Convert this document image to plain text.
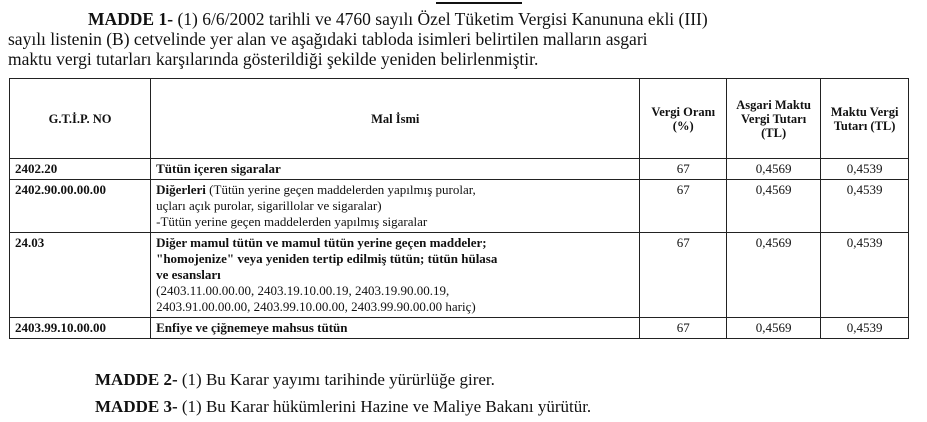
MADDE 1- (1) 6/6/2002 tarihli ve 4760 sayılı Özel Tüketim Vergisi Kanununa ekli (III)
sayılı listenin (B) cetvelinde yer alan ve aşağıdaki tabloda isimleri belirtilen malların asgari
maktu vergi tutarları karşılarında gösterildiği şekilde yeniden belirlenmiştir.
G.T.İ.P. NO	Mal İsmi	Vergi Oranı (%)	Asgari Maktu Vergi Tutarı (TL)	Maktu Vergi Tutarı (TL)
2402.20	Tütün içeren sigaralar	67	0,4569	0,4539
2402.90.00.00.00	Diğerleri (Tütün yerine geçen maddelerden yapılmış purolar,
uçları açık purolar, sigarillolar ve sigaralar)
-Tütün yerine geçen maddelerden yapılmış sigaralar	67	0,4569	0,4539
24.03	Diğer mamul tütün ve mamul tütün yerine geçen maddeler;
"homojenize" veya yeniden tertip edilmiş tütün; tütün hülasa
ve esansları
(2403.11.00.00.00, 2403.19.10.00.19, 2403.19.90.00.19,
2403.91.00.00.00, 2403.99.10.00.00, 2403.99.90.00.00 hariç)	67	0,4569	0,4539
2403.99.10.00.00	Enfiye ve çiğnemeye mahsus tütün	67	0,4569	0,4539
MADDE 2- (1) Bu Karar yayımı tarihinde yürürlüğe girer.
MADDE 3- (1) Bu Karar hükümlerini Hazine ve Maliye Bakanı yürütür.
